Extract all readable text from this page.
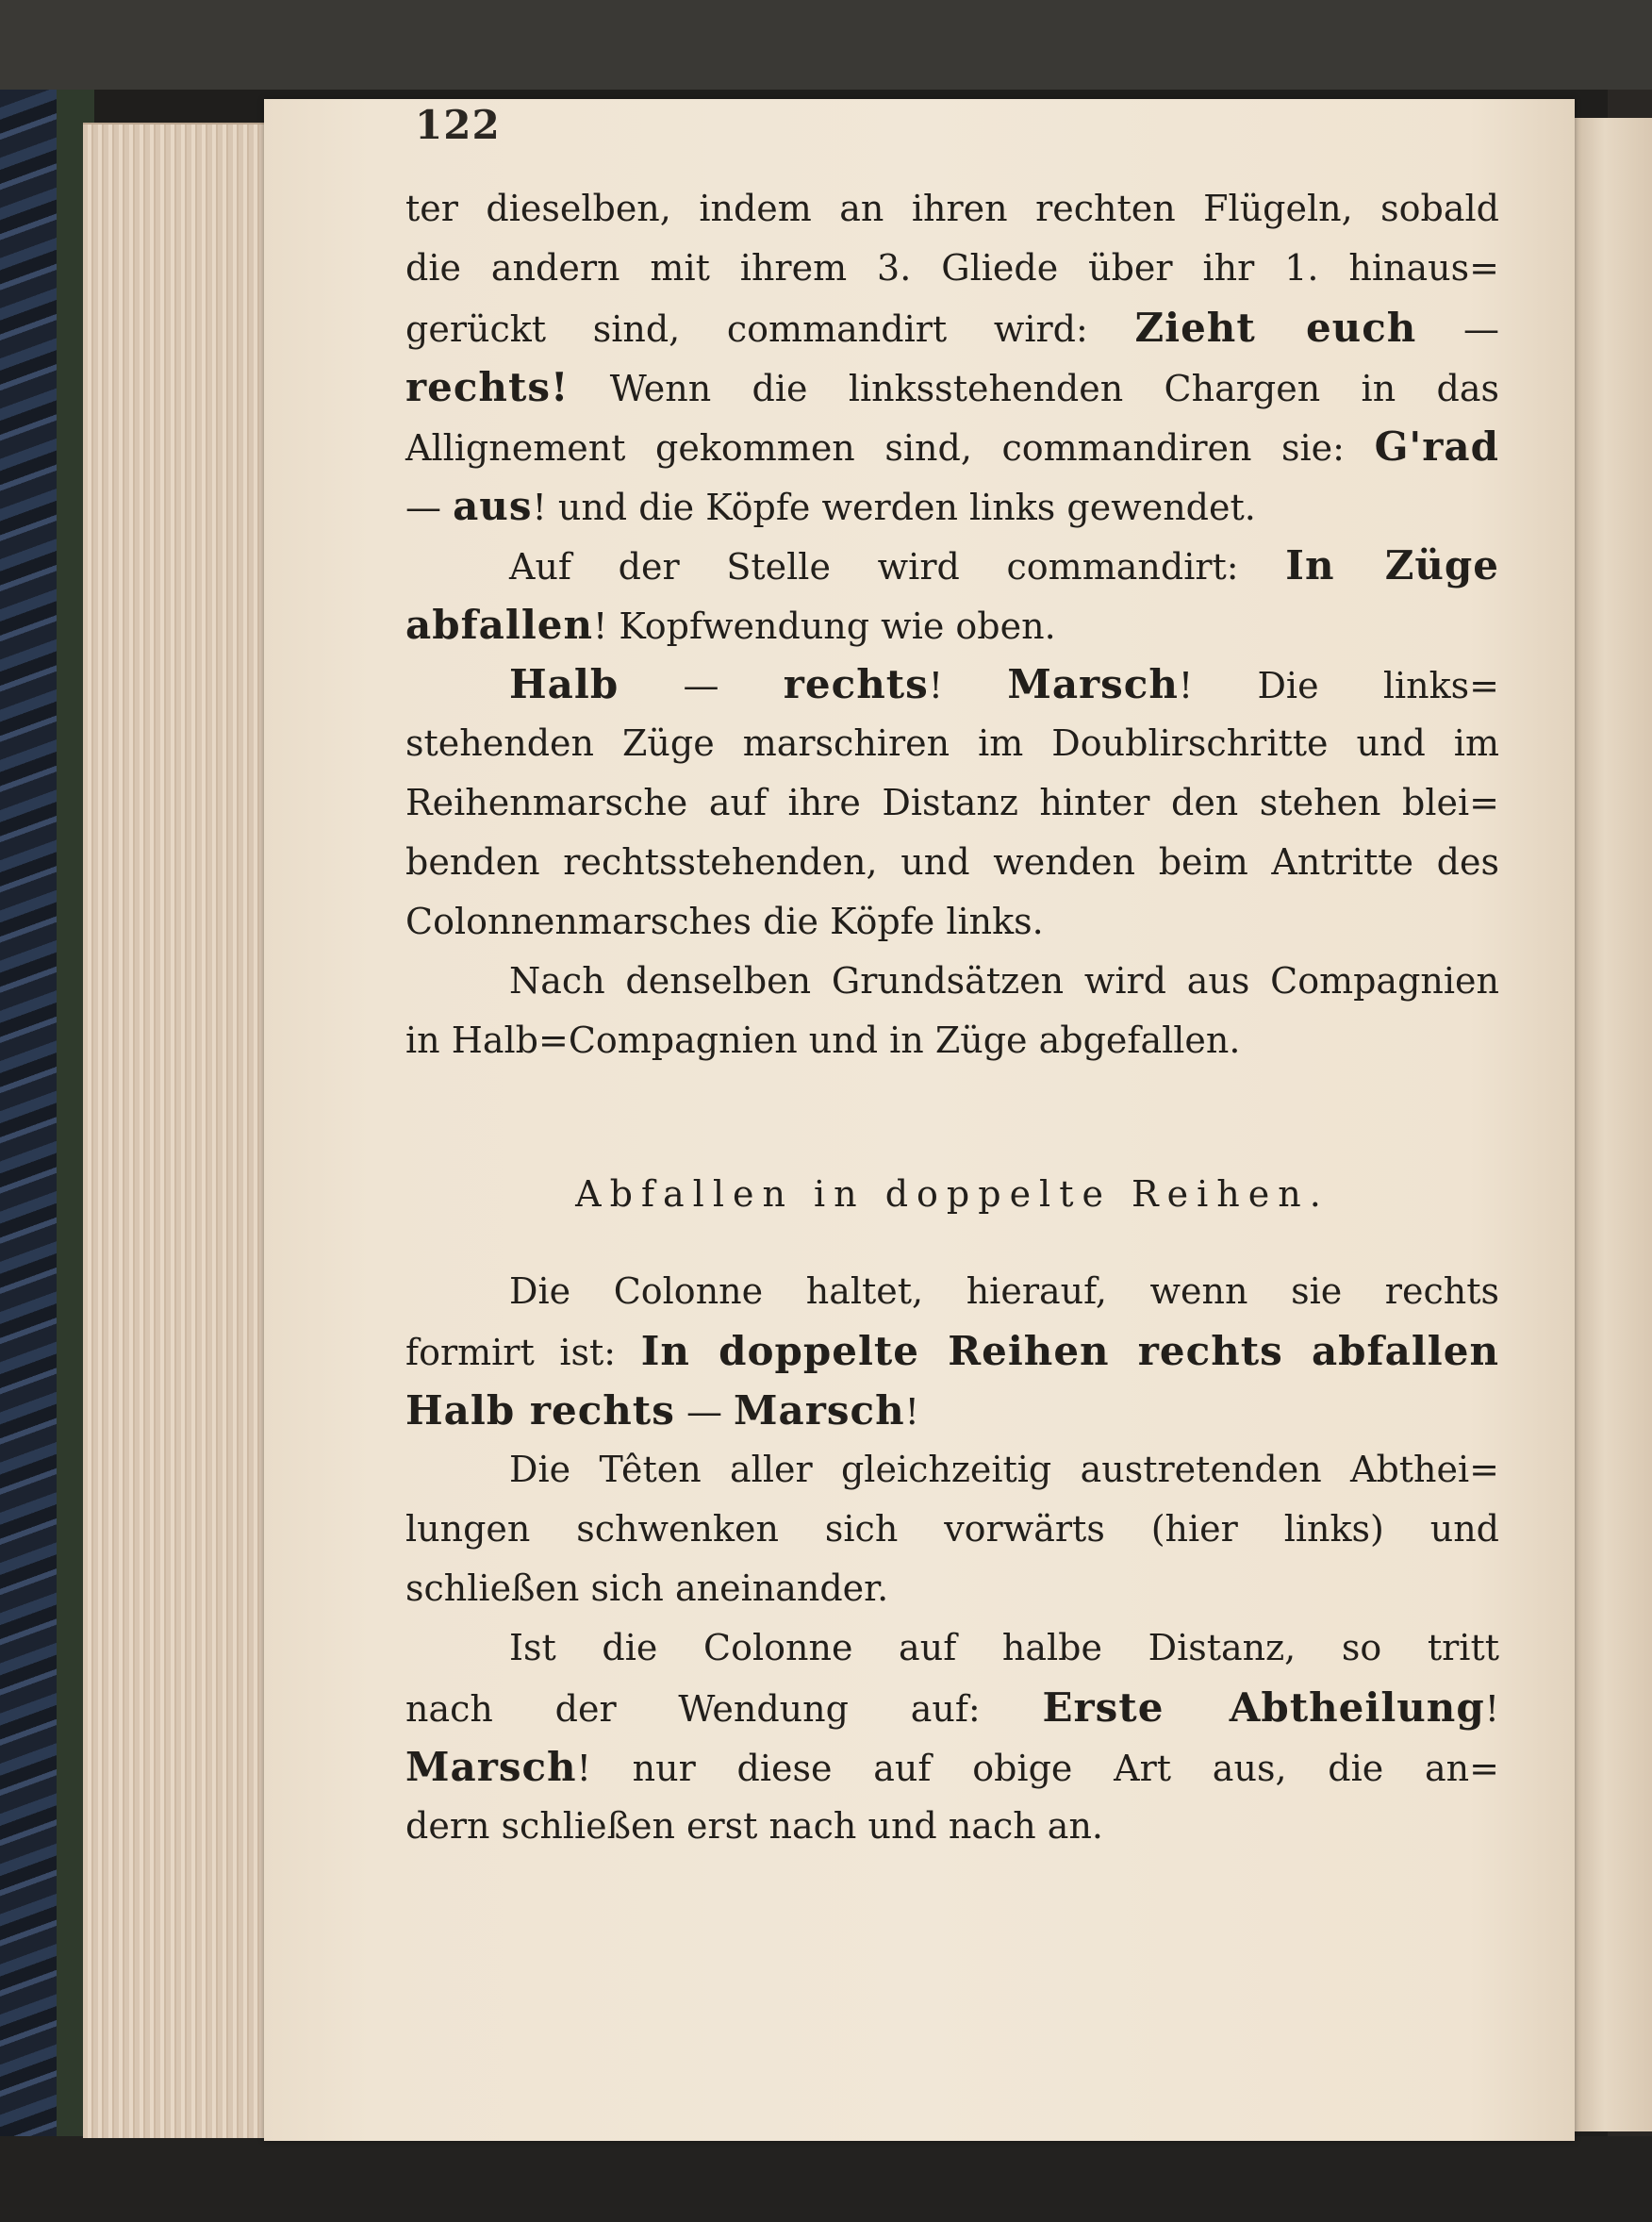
122
ter dieselben, indem an ihren rechten Flügeln, sobald
die andern mit ihrem 3. Gliede über ihr 1. hinaus=
gerückt sind, commandirt wird: Zieht euch —
rechts! Wenn die linksstehenden Chargen in das
Allignement gekommen sind, commandiren sie: G'rad
— aus! und die Köpfe werden links gewendet.
Auf der Stelle wird commandirt: In Züge
abfallen! Kopfwendung wie oben.
Halb — rechts! Marsch! Die links=
stehenden Züge marschiren im Doublirschritte und im
Reihenmarsche auf ihre Distanz hinter den stehen blei=
benden rechtsstehenden, und wenden beim Antritte des
Colonnenmarsches die Köpfe links.
Nach denselben Grundsätzen wird aus Compagnien
in Halb=Compagnien und in Züge abgefallen.
Abfallen in doppelte Reihen.
Die Colonne haltet, hierauf, wenn sie rechts
formirt ist: In doppelte Reihen rechts abfallen
Halb rechts — Marsch!
Die Têten aller gleichzeitig austretenden Abthei=
lungen schwenken sich vorwärts (hier links) und
schließen sich aneinander.
Ist die Colonne auf halbe Distanz, so tritt
nach der Wendung auf: Erste Abtheilung!
Marsch! nur diese auf obige Art aus, die an=
dern schließen erst nach und nach an.
